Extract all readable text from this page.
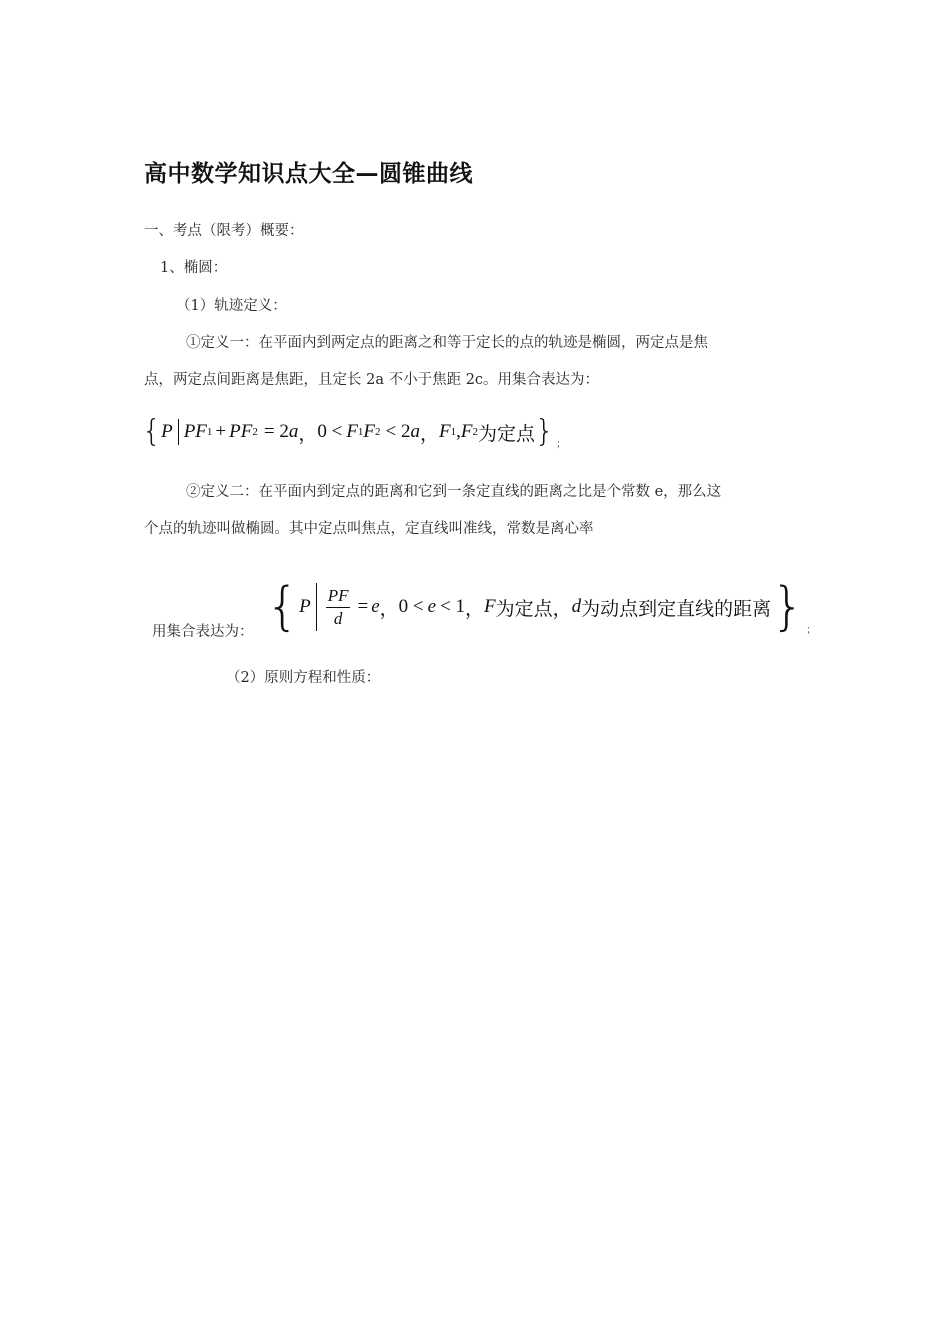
高中数学知识点大全—圆锥曲线
一、考点（限考）概要：
1、椭圆：
（1）轨迹定义：
①定义一：在平面内到两定点的距离之和等于定长的点的轨迹是椭圆，两定点是焦
点，两定点间距离是焦距，且定长 2a 不小于焦距 2c。用集合表达为：
{ P PF 1 + PF 2 = 2 a ， 0 < F 1 F 2 < 2 a ， F 1 , F 2 为定点 } ；
②定义二：在平面内到定点的距离和它到一条定直线的距离之比是个常数 e，那么这
个点的轨迹叫做椭圆。其中定点叫焦点，定直线叫准线，常数是离心率
用集合表达为： { P $\frac{PF}{d} = e$ ， 0 < e < 1 ， F 为定点， d 为动点到定直线的距离 } ；
（2）原则方程和性质：
